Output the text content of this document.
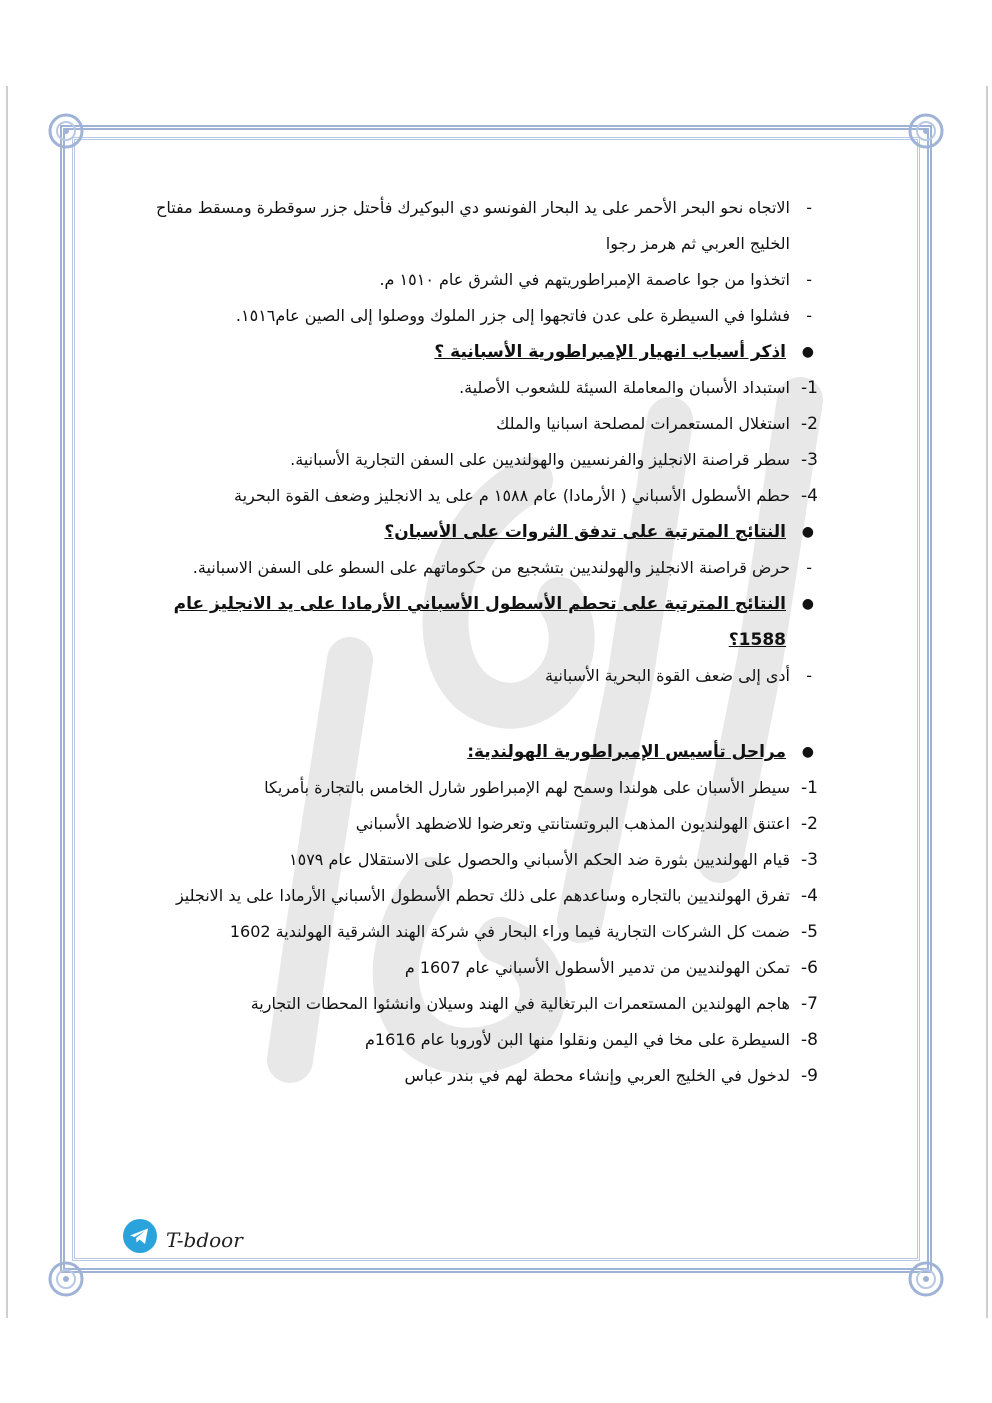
-
الاتجاه نحو البحر الأحمر على يد البحار الفونسو دي البوكيرك فأحتل جزر سوقطرة ومسقط مفتاح الخليج العربي ثم هرمز رجوا
-
اتخذوا من جوا عاصمة الإمبراطوريتهم في الشرق عام ١٥١٠ م.
-
فشلوا في السيطرة على عدن فاتجهوا إلى جزر الملوك ووصلوا إلى الصين عام١٥١٦.
●
اذكر أسباب انهيار الإمبراطورية الأسبانية ؟
1-
استبداد الأسبان والمعاملة السيئة للشعوب الأصلية.
2-
استغلال المستعمرات لمصلحة اسبانيا والملك
3-
سطر قراصنة الانجليز والفرنسيين والهولنديين على السفن التجارية الأسبانية.
4-
حطم الأسطول الأسباني ( الأرمادا) عام ١٥٨٨ م على يد الانجليز وضعف القوة البحرية
●
النتائج المترتبة على تدفق الثروات على الأسبان؟
-
حرض قراصنة الانجليز والهولنديين بتشجيع من حكوماتهم على السطو على السفن الاسبانية.
●
النتائج المترتبة على تحطم الأسطول الأسباني الأرمادا على يد الانجليز عام 1588؟
-
أدى إلى ضعف القوة البحرية الأسبانية
●
مراحل تأسيس الإمبراطورية الهولندية:
1-
سيطر الأسبان على هولندا وسمح لهم الإمبراطور شارل الخامس بالتجارة بأمريكا
2-
اعتنق الهولنديون المذهب البروتستانتي وتعرضوا للاضطهد الأسباني
3-
قيام الهولنديين بثورة ضد الحكم الأسباني والحصول على الاستقلال عام ١٥٧٩
4-
تفرق الهولنديين بالتجاره وساعدهم على ذلك تحطم الأسطول الأسباني الأرمادا على يد الانجليز
5-
ضمت كل الشركات التجارية فيما وراء البحار في شركة الهند الشرقية الهولندية 1602
6-
تمكن الهولنديين من تدمير الأسطول الأسباني عام 1607 م
7-
هاجم الهولندين المستعمرات البرتغالية في الهند وسيلان وانشئوا المحطات التجارية
8-
السيطرة على مخا في اليمن ونقلوا منها البن لأوروبا عام 1616م
9-
لدخول في الخليج العربي وإنشاء محطة لهم في بندر عباس
T-bdoor
